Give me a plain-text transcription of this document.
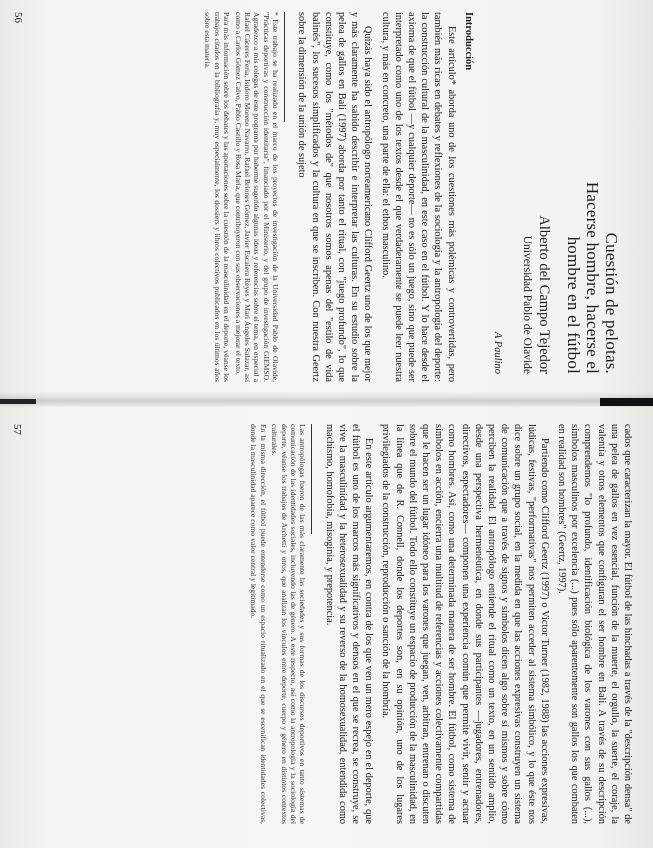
Cuestión de pelotas.
Hacerse hombre, hacerse el
hombre en el fútbol
Alberto del Campo Tejedor
Universidad Pablo de Olavide
A Paulino
Introducción

Este artículo* aborda uno de los cuestiones más polémicas y controvertidas, pero también más ricas en debates y reflexiones de la sociología y la antropología del deporte: la construcción cultural de la masculinidad, en este caso en el fútbol. Y lo hace desde el axioma de que el fútbol —y cualquier deporte— no es sólo un juego, sino que puede ser interpretado como uno de los textos desde el que verdaderamente se puede leer nuestra cultura, y más en concreto, una parte de ella: el ethos masculino.

Quizás haya sido el antropólogo norteamericano Clifford Geertz uno de los que mejor y más claramente ha sabido describir e interpretar las culturas. En su estudio sobre la pelea de gallos en Bali (1997) aborda por tanto el ritual, con "juego profundo", lo que constituye, como los "métodos de" que nosotros somos apenas del "estilo de vida balinés", los sucesos simplificados y la cultura en que se inscriben. Con nuestra Geertz sobre la dimensión de la unión de sujeto

* Este trabajo se ha realizado en el marco de los proyectos de investigación de la Universidad Pablo de Olavide, "Prácticas deportivas y construcción identitaria", financiado por el Ministerio, y del grupo de investigación GIEMSO. Agradezco a mis colegas de este programa por haberme sugerido algunas ideas y referencias sobre el tema, en especial a Rafael Cáceres Feria, Isidoro Moreno Navarro, Rafael Briones Gómez, Javier Escalera Reyes y Mari Ángeles Salazar, así como a Carlos Gómez Calvo, Pablo Castillo y Rosa María, que contribuyeron con sus observaciones a mejorar el texto.

Para más información sobre los debates y las aportaciones sobre la cuestión de la masculinidad en el deporte, véanse los trabajos citados en la bibliografía y, muy especialmente, los dossiers y libros colectivos publicados en los últimos años sobre esta materia.

56

cados que caracterizan la mayor. El fútbol de las hinchadas a través de la "descripción densa" de una pelea de gallos en vez esencial, función de la muerte, el orgullo, la suerte, el coraje, la valentía y otros elementos que configuran el ser hombre en Bali. A través de su descripción comprendemos "lo profundo, identificación biológica de los varones con sus gallos (...), símbolos masculinos por excelencia (...) pues sólo aparentemente son gallos los que combaten en realidad son hombres" (Geertz, 1997).

Partiendo como Clifford Geertz (1997) o Victor Turner (1982, 1988) las acciones expresivas, lúdicas, festivas, "performativas" nos permiten acceder al sistema simbólico, y lo que éste nos dice sobre un grupo social, en la medida en que las acciones expresivas construyen un sistema de comunicación que a través de signos y símbolos dicen algo sobre sí mismos y sobre cómo perciben la realidad. El antropólogo entiende el ritual como un texto, en un sentido amplio, desde una perspectiva hermenéutica, en donde sus participantes —jugadores, entrenadores, directivos, espectadores— componen una experiencia común que permite vivir, sentir y actuar como hombres. Así, como una determinada manera de ser hombre. El fútbol, como sistema de símbolos en acción, encierra una multitud de referencias y acciones colectivamente compartidas que le hacen ser un lugar idóneo para los varones que juegan, ven, arbitran, entrenan o discuten sobre el mundo del fútbol. Todo ello constituye un espacio de producción de la masculinidad, en la línea que de R. Connell, donde los deportes son, en su opinión, uno de los lugares privilegiados de la construcción, reproducción o sanción de la hombría.

En este artículo argumentaremos, en contra de los que ven un mero espejo en el deporte, que el fútbol es uno de los marcos más significativos y densos en el que se recrea, se construye, se vive la masculinidad y la heterosexualidad y su reverso de la homosexualidad, entendida como machismo, homofobia, misoginia, y prepotencia.

Las antropólogas fueron de las más claramente las sociedades y sus formas de los discursos deportivos en tanto sistemas de comunicación de las identidades sociales, incluyendo las de género. A este respecto, así como la antropología y la sociología del deporte, véanse los trabajos de Archetti y otros, que analizan los vínculos entre deporte, cuerpo y género en distintos contextos culturales.

En la misma dirección, el fútbol puede entenderse como un espacio ritualizado en el que se escenifican identidades colectivas, donde la masculinidad aparece como valor central y legitimado.

57
